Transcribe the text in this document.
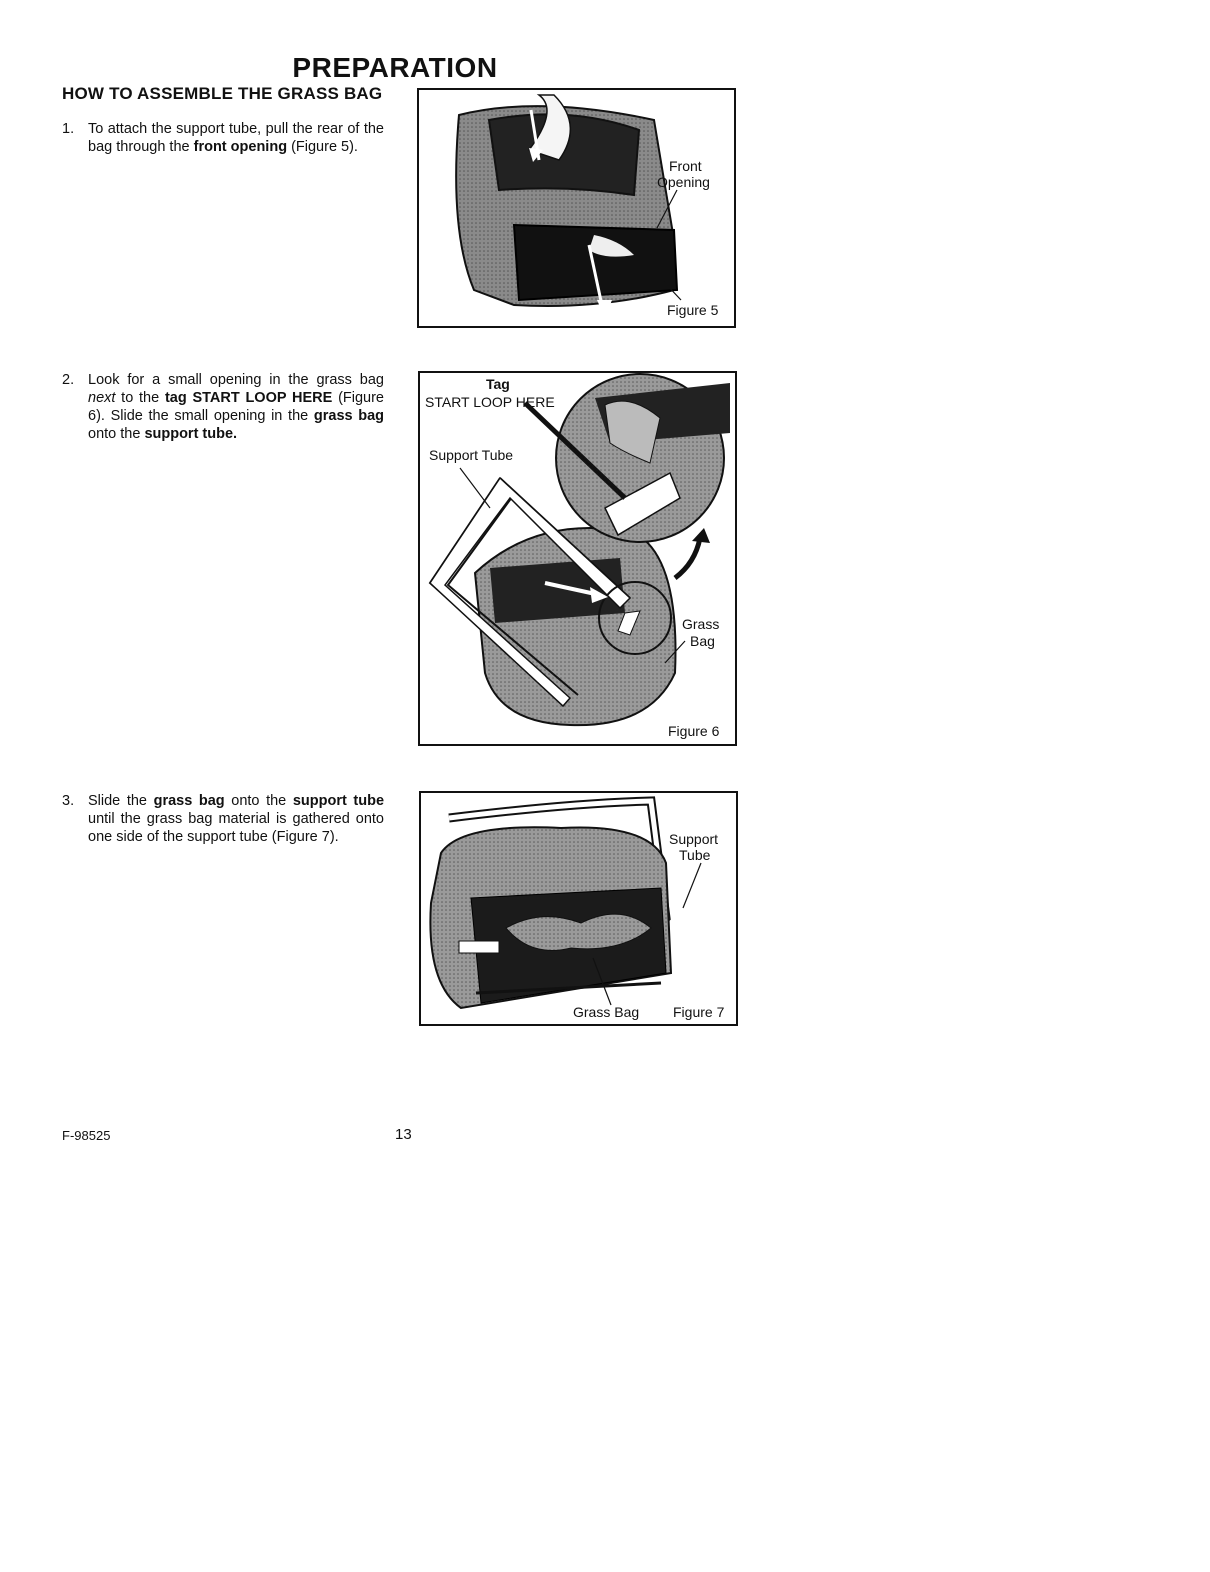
PREPARATION
HOW TO ASSEMBLE THE GRASS BAG
1. To attach the support tube, pull the rear of the bag through the front opening (Figure 5).
2. Look for a small opening in the grass bag next to the tag START LOOP HERE (Figure 6). Slide the small opening in the grass bag onto the support tube.
3. Slide the grass bag onto the support tube until the grass bag material is gathered onto one side of the support tube (Figure 7).
Front
Opening
Figure 5
Tag
START LOOP HERE
Support Tube
Grass
Bag
Figure 6
Support
Tube
Grass Bag Figure 7
F-98525	13
